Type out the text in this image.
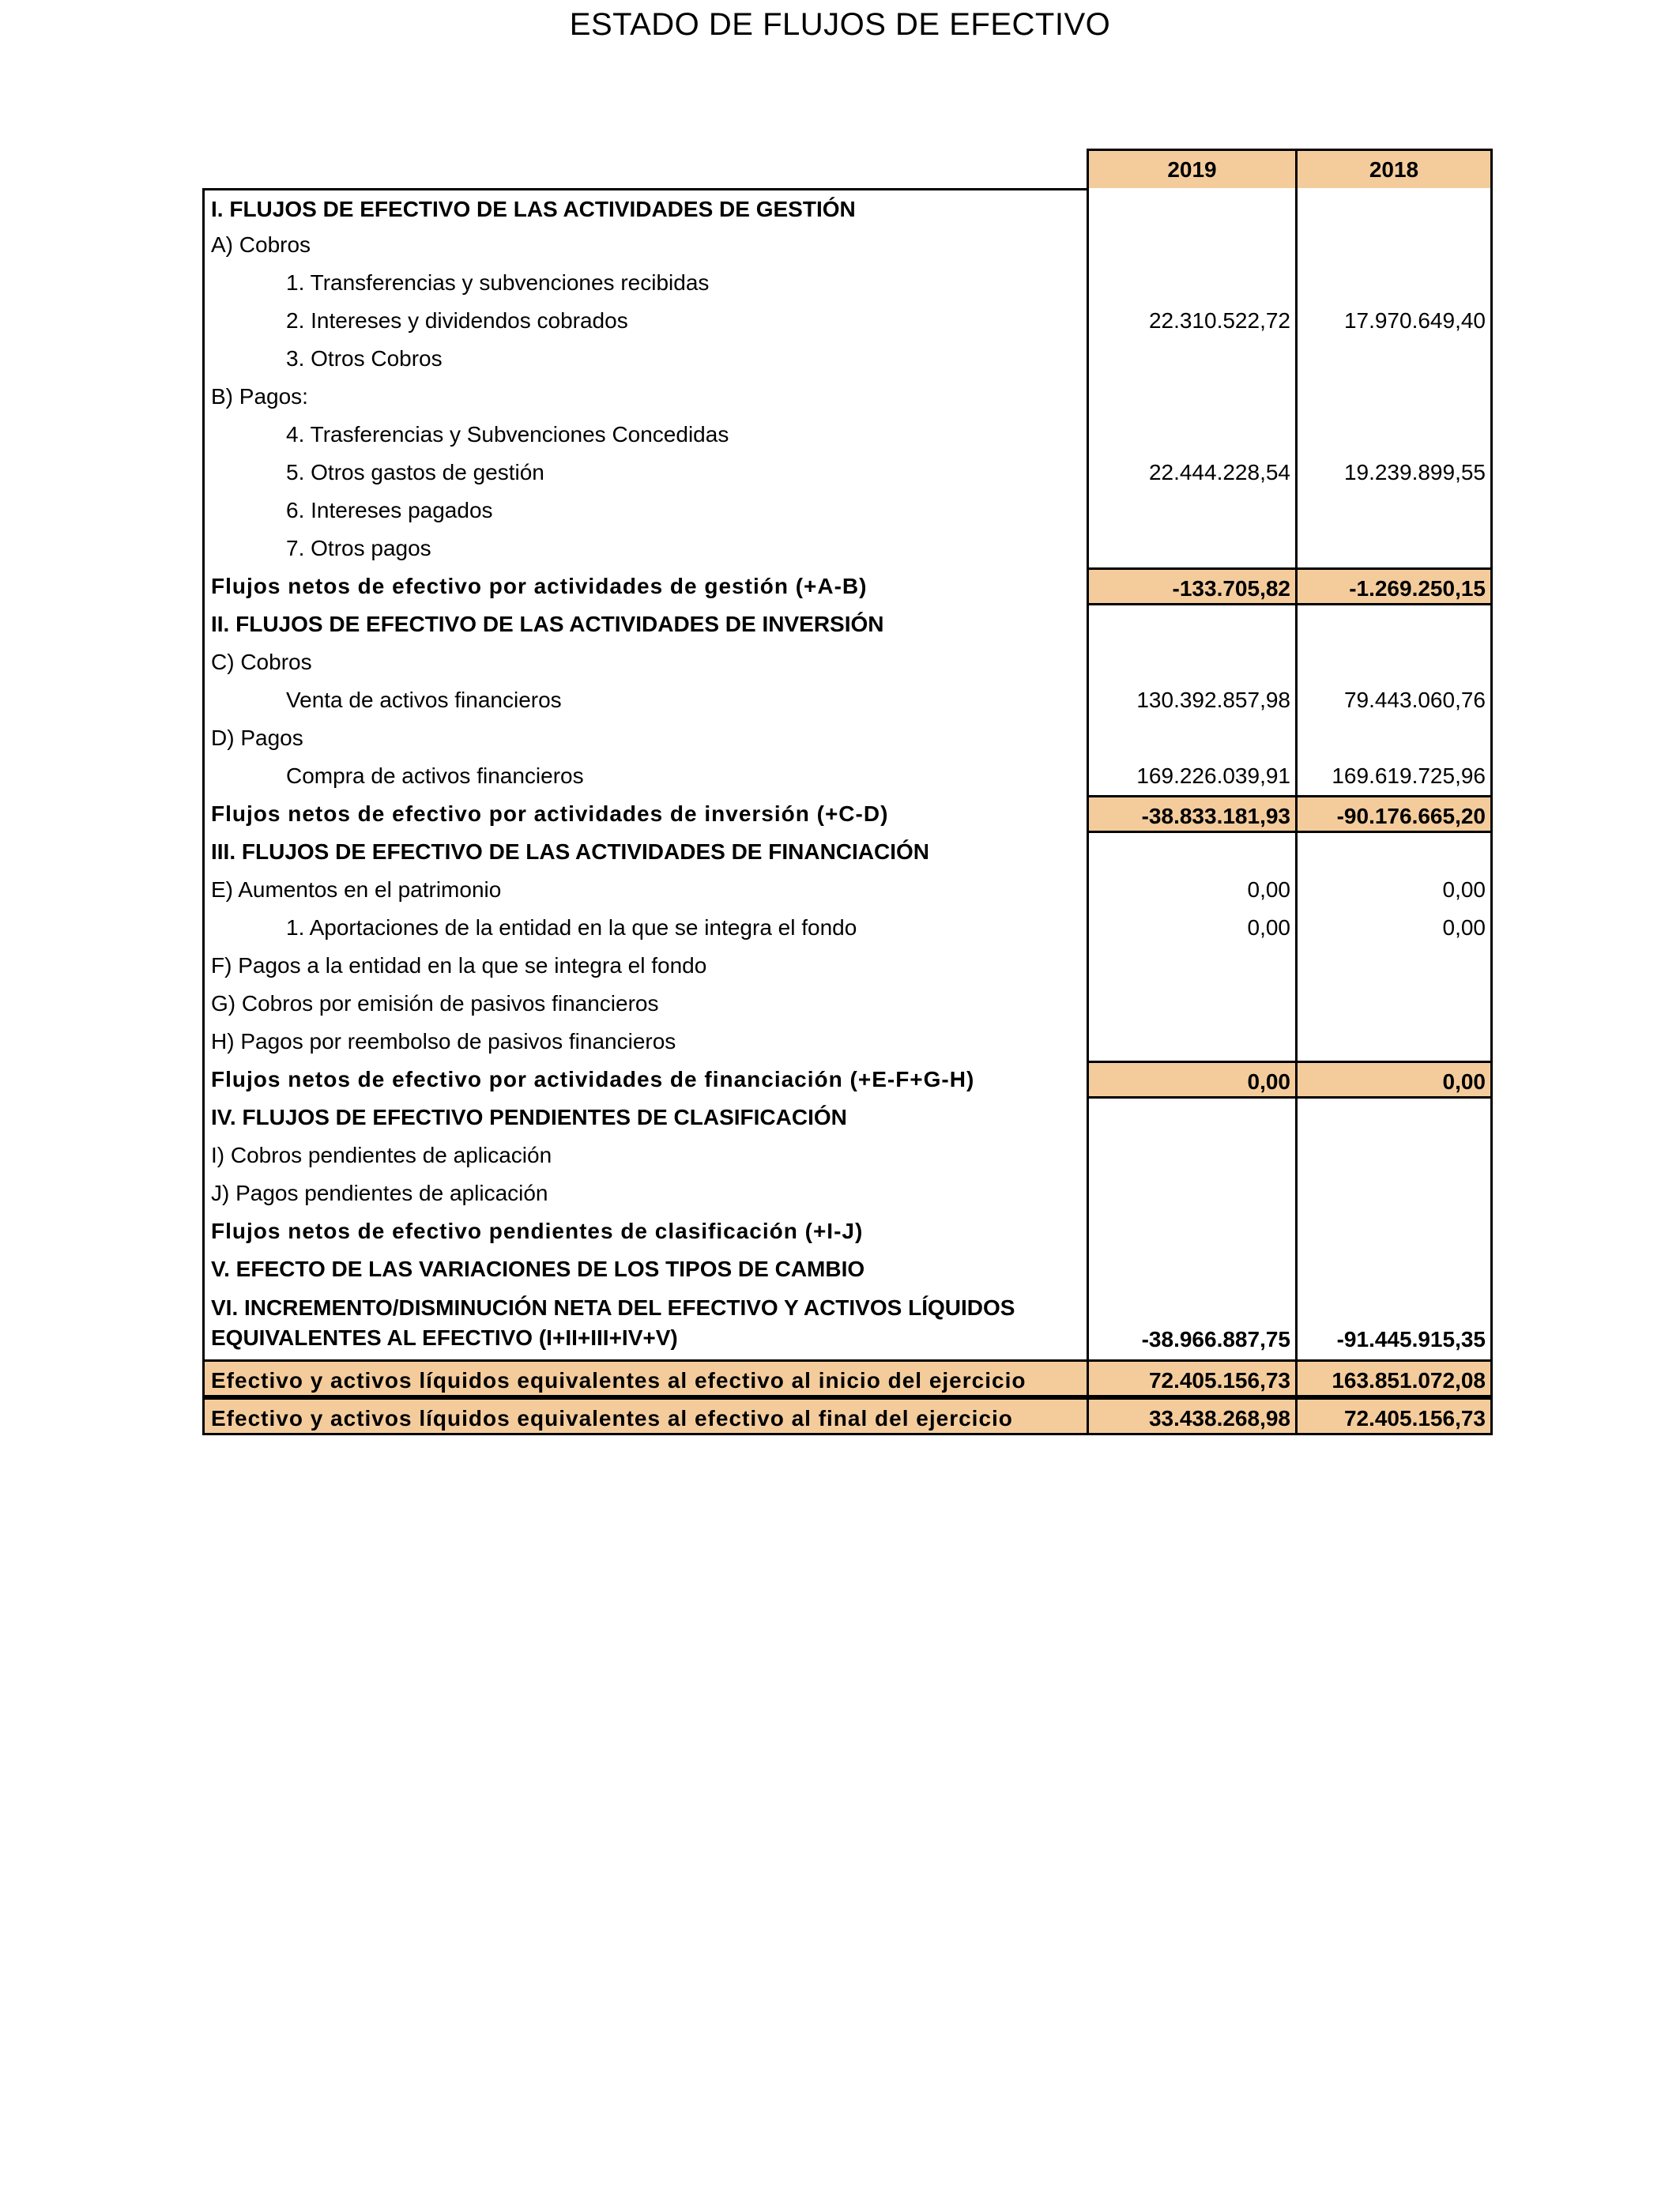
ESTADO DE FLUJOS DE EFECTIVO
2019	2018
I. FLUJOS DE EFECTIVO DE LAS ACTIVIDADES DE GESTIÓN
A) Cobros
1. Transferencias y subvenciones recibidas
2. Intereses y dividendos cobrados	22.310.522,72	17.970.649,40
3. Otros Cobros
B) Pagos:
4. Trasferencias y Subvenciones Concedidas
5. Otros gastos de gestión	22.444.228,54	19.239.899,55
6. Intereses pagados
7. Otros pagos
Flujos netos de efectivo por actividades de gestión (+A-B)	-133.705,82	-1.269.250,15
II. FLUJOS DE EFECTIVO DE LAS ACTIVIDADES DE INVERSIÓN
C) Cobros
Venta de activos financieros	130.392.857,98	79.443.060,76
D) Pagos
Compra de activos financieros	169.226.039,91	169.619.725,96
Flujos netos de efectivo por actividades de inversión (+C-D)	-38.833.181,93	-90.176.665,20
III. FLUJOS DE EFECTIVO DE LAS ACTIVIDADES DE FINANCIACIÓN
E) Aumentos en el patrimonio	0,00	0,00
1. Aportaciones de la entidad en la que se integra el fondo	0,00	0,00
F) Pagos a la entidad en la que se integra el fondo
G) Cobros por emisión de pasivos financieros
H) Pagos por reembolso de pasivos financieros
Flujos netos de efectivo por actividades de financiación (+E-F+G-H)	0,00	0,00
IV. FLUJOS DE EFECTIVO PENDIENTES DE CLASIFICACIÓN
I) Cobros pendientes de aplicación
J) Pagos pendientes de aplicación
Flujos netos de efectivo pendientes de clasificación (+I-J)
V. EFECTO DE LAS VARIACIONES DE LOS TIPOS DE CAMBIO
VI. INCREMENTO/DISMINUCIÓN NETA DEL EFECTIVO Y ACTIVOS LÍQUIDOS EQUIVALENTES AL EFECTIVO (I+II+III+IV+V)	-38.966.887,75	-91.445.915,35
Efectivo y activos líquidos equivalentes al efectivo al inicio del ejercicio	72.405.156,73	163.851.072,08
Efectivo y activos líquidos equivalentes al efectivo al final del ejercicio	33.438.268,98	72.405.156,73
